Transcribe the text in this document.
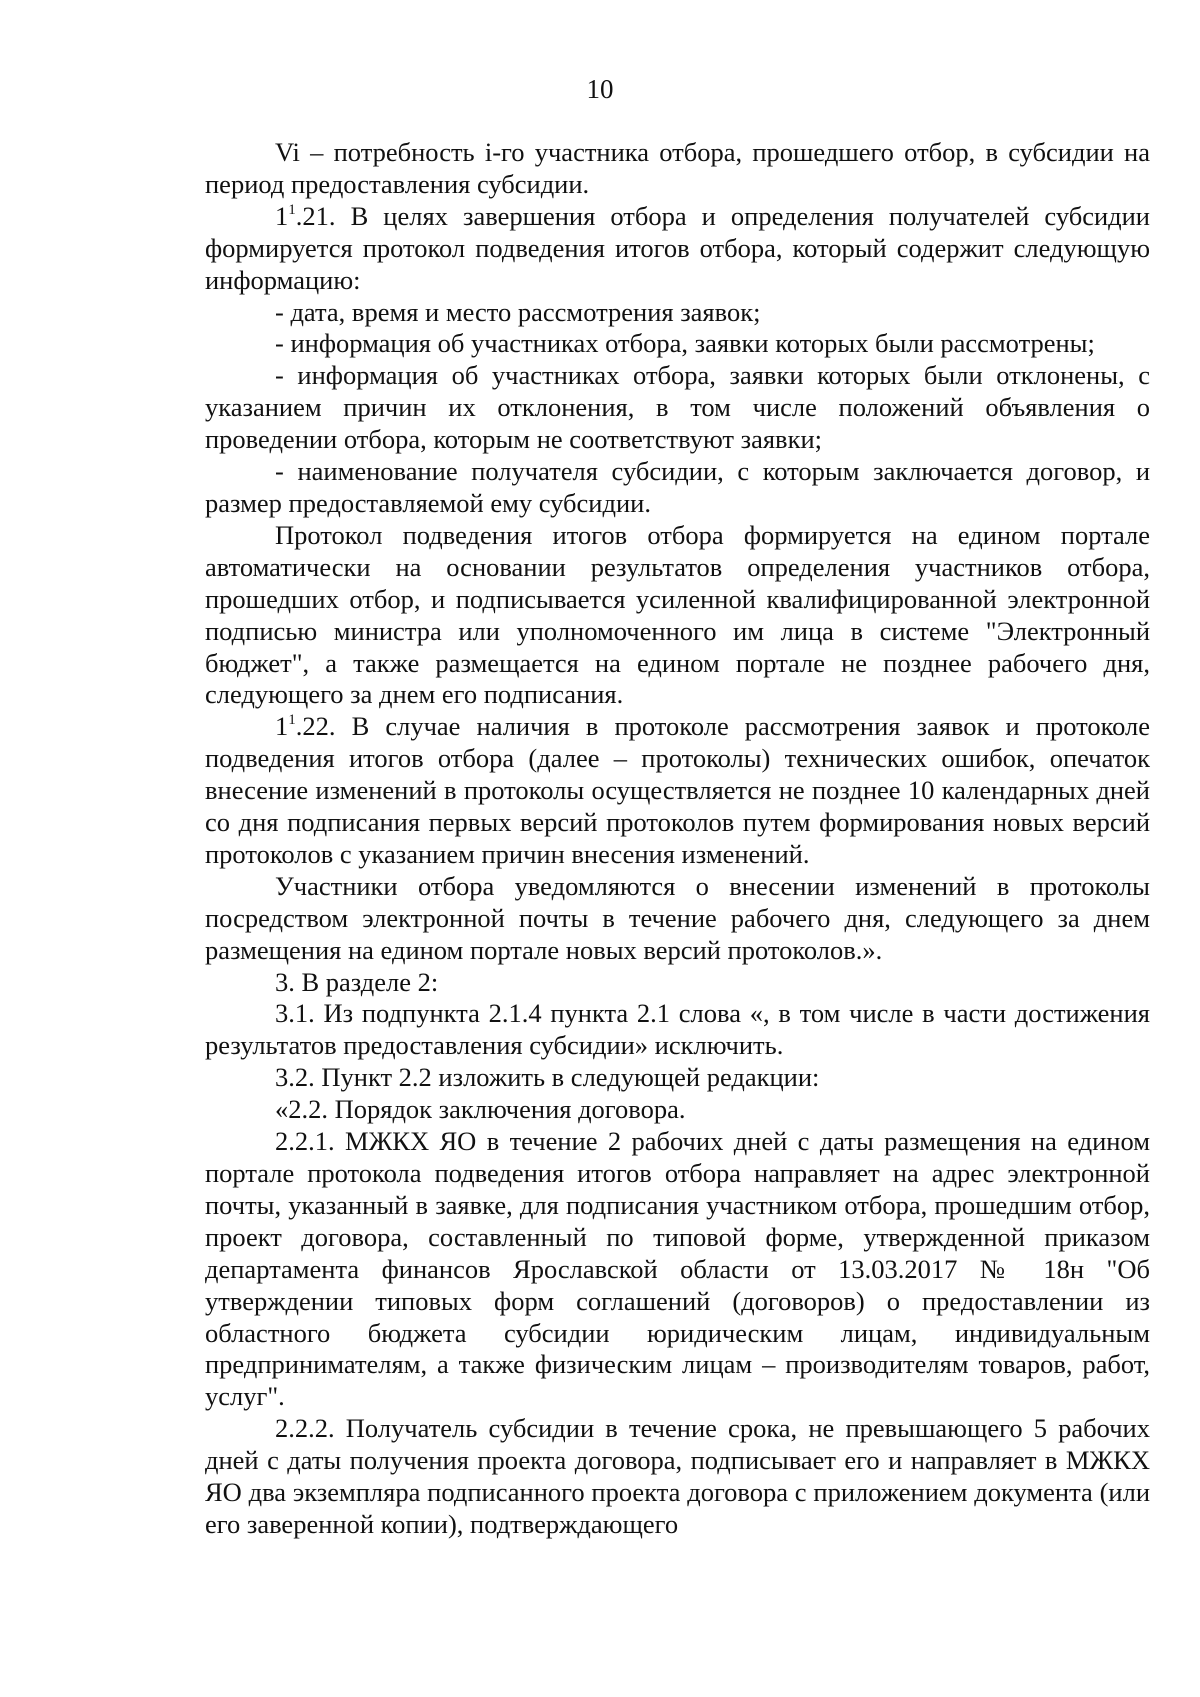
10

Vi – потребность i-го участника отбора, прошедшего отбор, в субсидии на период предоставления субсидии.

$1^1.21$. В целях завершения отбора и определения получателей субсидии формируется протокол подведения итогов отбора, который содержит следующую информацию:

- дата, время и место рассмотрения заявок;

- информация об участниках отбора, заявки которых были рассмотрены;

- информация об участниках отбора, заявки которых были отклонены, с указанием причин их отклонения, в том числе положений объявления о проведении отбора, которым не соответствуют заявки;

- наименование получателя субсидии, с которым заключается договор, и размер предоставляемой ему субсидии.

Протокол подведения итогов отбора формируется на едином портале автоматически на основании результатов определения участников отбора, прошедших отбор, и подписывается усиленной квалифицированной электронной подписью министра или уполномоченного им лица в системе "Электронный бюджет", а также размещается на едином портале не позднее рабочего дня, следующего за днем его подписания.

$1^1.22$. В случае наличия в протоколе рассмотрения заявок и протоколе подведения итогов отбора (далее – протоколы) технических ошибок, опечаток внесение изменений в протоколы осуществляется не позднее 10 календарных дней со дня подписания первых версий протоколов путем формирования новых версий протоколов с указанием причин внесения изменений.

Участники отбора уведомляются о внесении изменений в протоколы посредством электронной почты в течение рабочего дня, следующего за днем размещения на едином портале новых версий протоколов.».

3. В разделе 2:

3.1. Из подпункта 2.1.4 пункта 2.1 слова «, в том числе в части достижения результатов предоставления субсидии» исключить.

3.2. Пункт 2.2 изложить в следующей редакции:

«2.2. Порядок заключения договора.

2.2.1. МЖКХ ЯО в течение 2 рабочих дней с даты размещения на едином портале протокола подведения итогов отбора направляет на адрес электронной почты, указанный в заявке, для подписания участником отбора, прошедшим отбор, проект договора, составленный по типовой форме, утвержденной приказом департамента финансов Ярославской области от 13.03.2017 № 18н "Об утверждении типовых форм соглашений (договоров) о предоставлении из областного бюджета субсидии юридическим лицам, индивидуальным предпринимателям, а также физическим лицам – производителям товаров, работ, услуг".

2.2.2. Получатель субсидии в течение срока, не превышающего 5 рабочих дней с даты получения проекта договора, подписывает его и направляет в МЖКХ ЯО два экземпляра подписанного проекта договора с приложением документа (или его заверенной копии), подтверждающего
